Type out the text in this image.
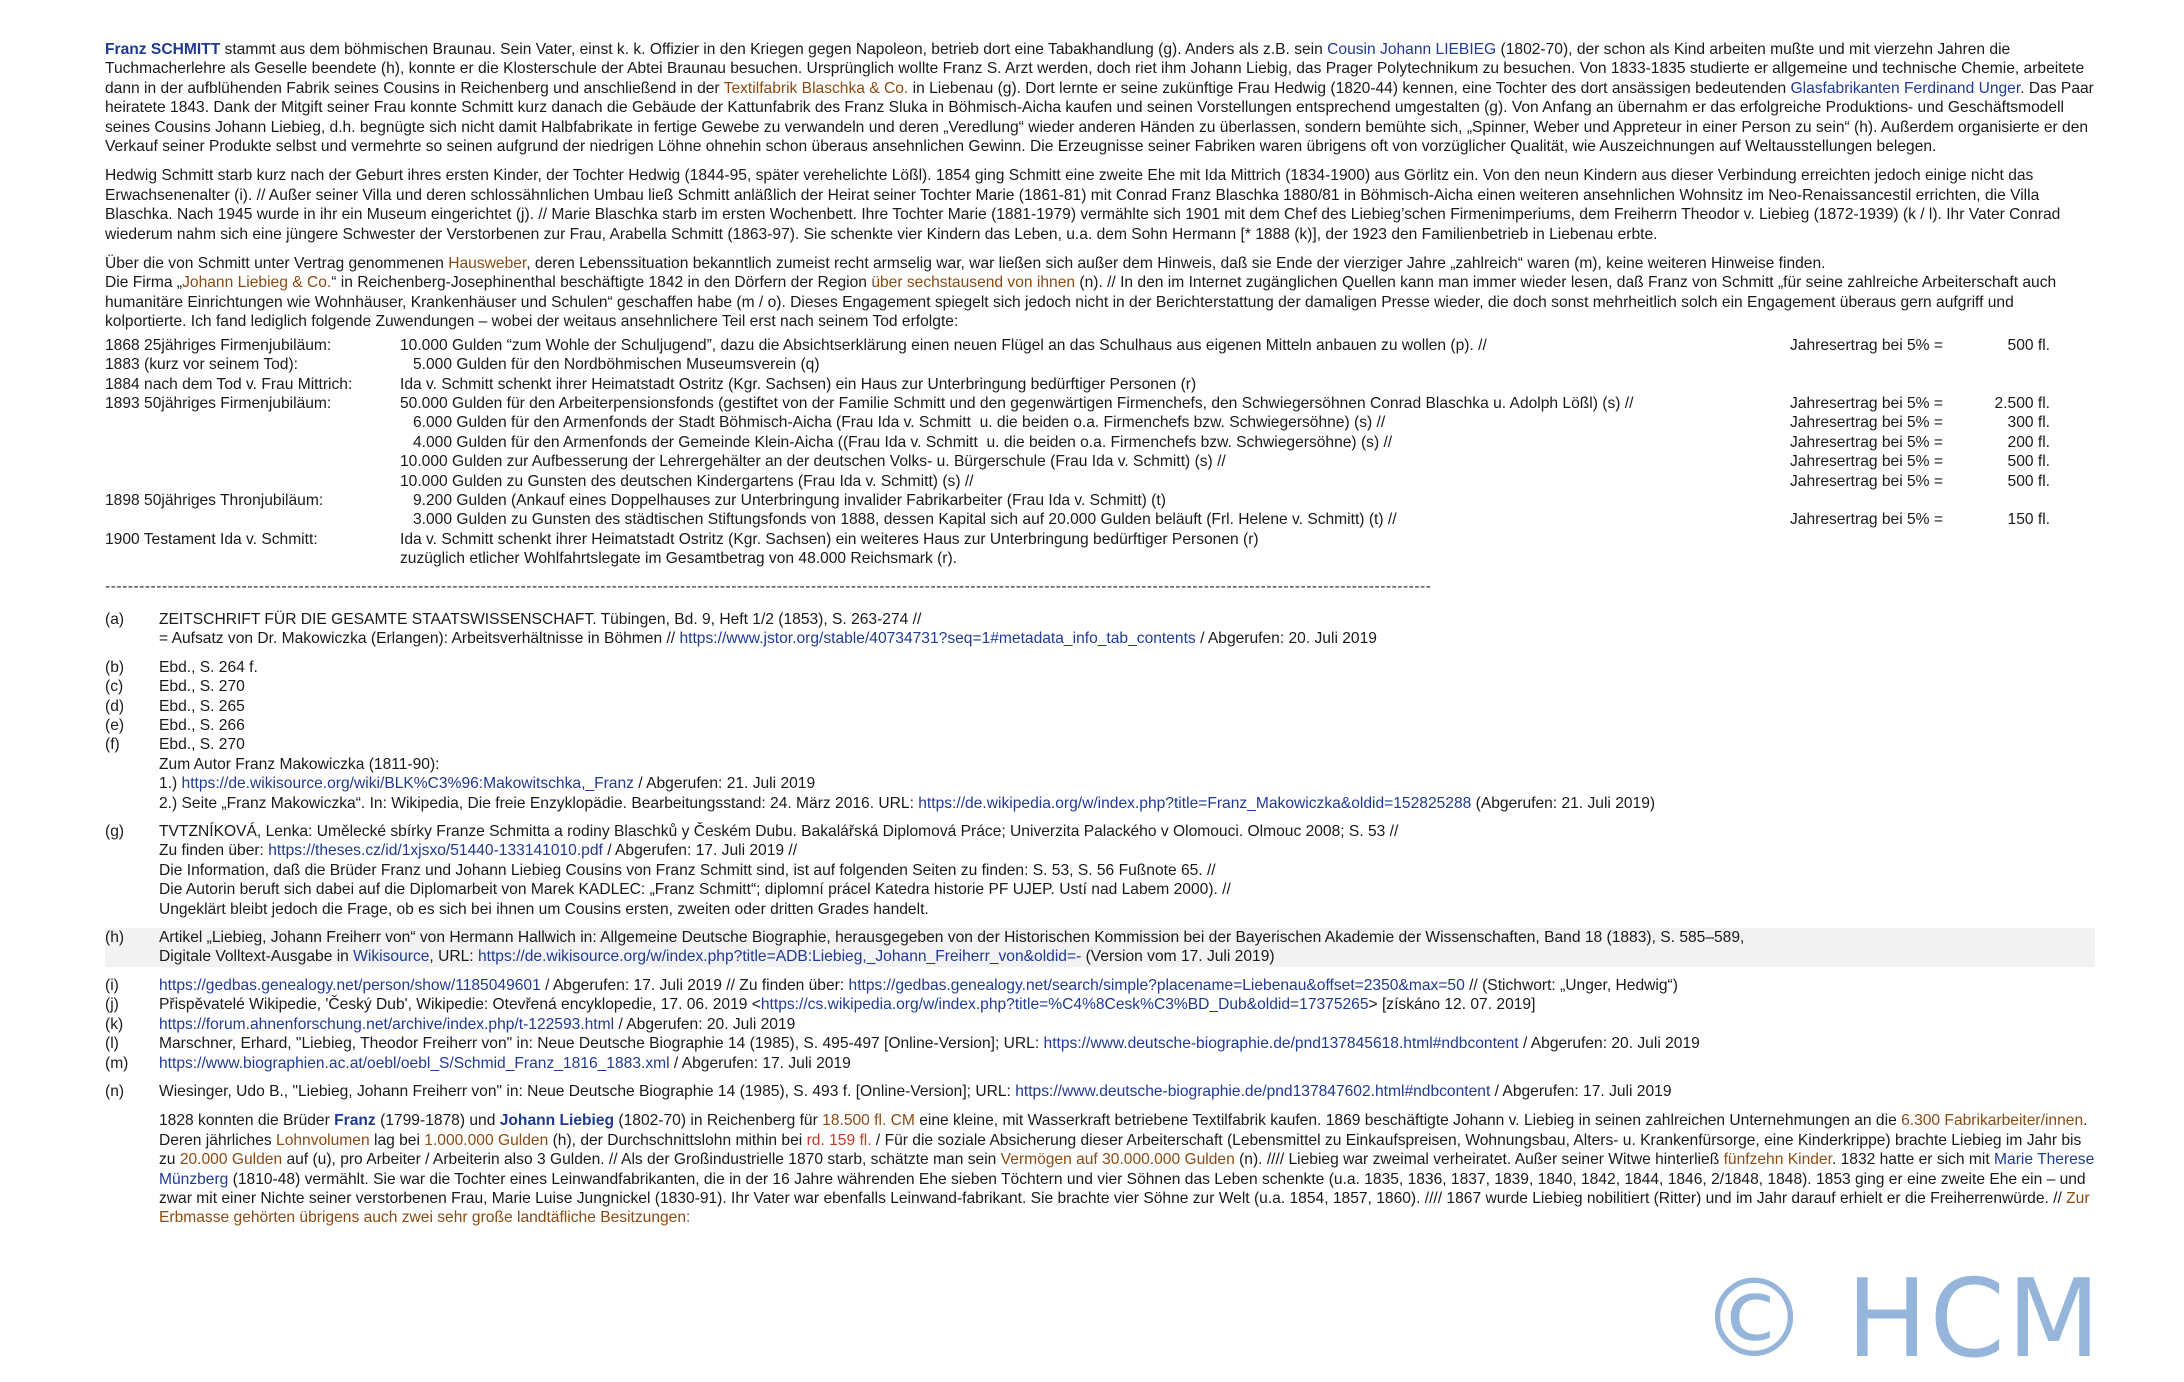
Franz SCHMITT stammt aus dem böhmischen Braunau. Sein Vater, einst k. k. Offizier in den Kriegen gegen Napoleon, betrieb dort eine Tabakhandlung (g). Anders als z.B. sein Cousin Johann LIEBIEG (1802-70), der schon als Kind arbeiten mußte und mit vierzehn Jahren die Tuchmacherlehre als Geselle beendete (h), konnte er die Klosterschule der Abtei Braunau besuchen. Ursprünglich wollte Franz S. Arzt werden, doch riet ihm Johann Liebig, das Prager Polytechnikum zu besuchen. Von 1833-1835 studierte er allgemeine und technische Chemie, arbeitete dann in der aufblühenden Fabrik seines Cousins in Reichenberg und anschließend in der Textilfabrik Blaschka & Co. in Liebenau (g). Dort lernte er seine zukünftige Frau Hedwig (1820-44) kennen, eine Tochter des dort ansässigen bedeutenden Glasfabrikanten Ferdinand Unger. Das Paar heiratete 1843. Dank der Mitgift seiner Frau konnte Schmitt kurz danach die Gebäude der Kattunfabrik des Franz Sluka in Böhmisch-Aicha kaufen und seinen Vorstellungen entsprechend umgestalten (g). Von Anfang an übernahm er das erfolgreiche Produktions- und Geschäftsmodell seines Cousins Johann Liebieg, d.h. begnügte sich nicht damit Halbfabrikate in fertige Gewebe zu verwandeln und deren „Veredlung“ wieder anderen Händen zu überlassen, sondern bemühte sich, „Spinner, Weber und Appreteur in einer Person zu sein“ (h). Außerdem organisierte er den Verkauf seiner Produkte selbst und vermehrte so seinen aufgrund der niedrigen Löhne ohnehin schon überaus ansehnlichen Gewinn. Die Erzeugnisse seiner Fabriken waren übrigens oft von vorzüglicher Qualität, wie Auszeichnungen auf Weltausstellungen belegen.

Hedwig Schmitt starb kurz nach der Geburt ihres ersten Kinder, der Tochter Hedwig (1844-95, später verehelichte Lößl). 1854 ging Schmitt eine zweite Ehe mit Ida Mittrich (1834-1900) aus Görlitz ein. Von den neun Kindern aus dieser Verbindung erreichten jedoch einige nicht das Erwachsenenalter (i). // Außer seiner Villa und deren schlossähnlichen Umbau ließ Schmitt anläßlich der Heirat seiner Tochter Marie (1861-81) mit Conrad Franz Blaschka 1880/81 in Böhmisch-Aicha einen weiteren ansehnlichen Wohnsitz im Neo-Renaissancestil errichten, die Villa Blaschka. Nach 1945 wurde in ihr ein Museum eingerichtet (j). // Marie Blaschka starb im ersten Wochenbett. Ihre Tochter Marie (1881-1979) vermählte sich 1901 mit dem Chef des Liebieg’schen Firmenimperiums, dem Freiherrn Theodor v. Liebieg (1872-1939) (k / l). Ihr Vater Conrad wiederum nahm sich eine jüngere Schwester der Verstorbenen zur Frau, Arabella Schmitt (1863-97). Sie schenkte vier Kindern das Leben, u.a. dem Sohn Hermann [* 1888 (k)], der 1923 den Familienbetrieb in Liebenau erbte.

Über die von Schmitt unter Vertrag genommenen Hausweber, deren Lebenssituation bekanntlich zumeist recht armselig war, war ließen sich außer dem Hinweis, daß sie Ende der vierziger Jahre „zahlreich“ waren (m), keine weiteren Hinweise finden.
Die Firma „Johann Liebieg & Co.“ in Reichenberg-Josephinenthal beschäftigte 1842 in den Dörfern der Region über sechstausend von ihnen (n). // In den im Internet zugänglichen Quellen kann man immer wieder lesen, daß Franz von Schmitt „für seine zahlreiche Arbeiterschaft auch humanitäre Einrichtungen wie Wohnhäuser, Krankenhäuser und Schulen“ geschaffen habe (m / o). Dieses Engagement spiegelt sich jedoch nicht in der Berichterstattung der damaligen Presse wieder, die doch sonst mehrheitlich solch ein Engagement überaus gern aufgriff und kolportierte. Ich fand lediglich folgende Zuwendungen – wobei der weitaus ansehnlichere Teil erst nach seinem Tod erfolgte:

1868 25jähriges Firmenjubiläum:	10.000 Gulden “zum Wohle der Schuljugend”, dazu die Absichtserklärung einen neuen Flügel an das Schulhaus aus eigenen Mitteln anbauen zu wollen (p). //	Jahresertrag bei 5% =	500 fl.
1883 (kurz vor seinem Tod):	5.000 Gulden für den Nordböhmischen Museumsverein (q)		
1884 nach dem Tod v. Frau Mittrich:	Ida v. Schmitt schenkt ihrer Heimatstadt Ostritz (Kgr. Sachsen) ein Haus zur Unterbringung bedürftiger Personen (r)		
1893 50jähriges Firmenjubiläum:	50.000 Gulden für den Arbeiterpensionsfonds (gestiftet von der Familie Schmitt und den gegenwärtigen Firmenchefs, den Schwiegersöhnen Conrad Blaschka u. Adolph Lößl) (s) //	Jahresertrag bei 5% =	2.500 fl.
	6.000 Gulden für den Armenfonds der Stadt Böhmisch-Aicha (Frau Ida v. Schmitt  u. die beiden o.a. Firmenchefs bzw. Schwiegersöhne) (s) //	Jahresertrag bei 5% =	300 fl.
	4.000 Gulden für den Armenfonds der Gemeinde Klein-Aicha ((Frau Ida v. Schmitt  u. die beiden o.a. Firmenchefs bzw. Schwiegersöhne) (s) //	Jahresertrag bei 5% =	200 fl.
	10.000 Gulden zur Aufbesserung der Lehrergehälter an der deutschen Volks- u. Bürgerschule (Frau Ida v. Schmitt) (s) //	Jahresertrag bei 5% =	500 fl.
	10.000 Gulden zu Gunsten des deutschen Kindergartens (Frau Ida v. Schmitt) (s) //	Jahresertrag bei 5% =	500 fl.
1898 50jähriges Thronjubiläum:	9.200 Gulden (Ankauf eines Doppelhauses zur Unterbringung invalider Fabrikarbeiter (Frau Ida v. Schmitt) (t)		
	3.000 Gulden zu Gunsten des städtischen Stiftungsfonds von 1888, dessen Kapital sich auf 20.000 Gulden beläuft (Frl. Helene v. Schmitt) (t) //	Jahresertrag bei 5% =	150 fl.
1900 Testament Ida v. Schmitt:	Ida v. Schmitt schenkt ihrer Heimatstadt Ostritz (Kgr. Sachsen) ein weiteres Haus zur Unterbringung bedürftiger Personen (r)		
	zuzüglich etlicher Wohlfahrtslegate im Gesamtbetrag von 48.000 Reichsmark (r).		
-----------------------------------------------------------------------------------------------------------------------------------------------------------------------------------------------------------------------------------------
(a)	ZEITSCHRIFT FÜR DIE GESAMTE STAATSWISSENSCHAFT. Tübingen, Bd. 9, Heft 1/2 (1853), S. 263-274 //
= Aufsatz von Dr. Makowiczka (Erlangen): Arbeitsverhältnisse in Böhmen // https://www.jstor.org/stable/40734731?seq=1#metadata_info_tab_contents / Abgerufen: 20. Juli 2019
(b)	Ebd., S. 264 f.
(c)	Ebd., S. 270
(d)	Ebd., S. 265
(e)	Ebd., S. 266
(f)	Ebd., S. 270
Zum Autor Franz Makowiczka (1811-90):
1.) https://de.wikisource.org/wiki/BLK%C3%96:Makowitschka,_Franz / Abgerufen: 21. Juli 2019
2.) Seite „Franz Makowiczka“. In: Wikipedia, Die freie Enzyklopädie. Bearbeitungsstand: 24. März 2016. URL: https://de.wikipedia.org/w/index.php?title=Franz_Makowiczka&oldid=152825288 (Abgerufen: 21. Juli 2019)
(g)	TVTZNÍKOVÁ, Lenka: Umělecké sbírky Franze Schmitta a rodiny Blaschků y Českém Dubu. Bakalářská Diplomová Práce; Univerzita Palackého v Olomouci. Olmouc 2008; S. 53 //
Zu finden über: https://theses.cz/id/1xjsxo/51440-133141010.pdf / Abgerufen: 17. Juli 2019 //
Die Information, daß die Brüder Franz und Johann Liebieg Cousins von Franz Schmitt sind, ist auf folgenden Seiten zu finden: S. 53, S. 56 Fußnote 65. //
Die Autorin beruft sich dabei auf die Diplomarbeit von Marek KADLEC: „Franz Schmitt“; diplomní prácel Katedra historie PF UJEP. Ustí nad Labem 2000). //
Ungeklärt bleibt jedoch die Frage, ob es sich bei ihnen um Cousins ersten, zweiten oder dritten Grades handelt.
(h)	Artikel „Liebieg, Johann Freiherr von“ von Hermann Hallwich in: Allgemeine Deutsche Biographie, herausgegeben von der Historischen Kommission bei der Bayerischen Akademie der Wissenschaften, Band 18 (1883), S. 585–589,
Digitale Volltext-Ausgabe in Wikisource, URL: https://de.wikisource.org/w/index.php?title=ADB:Liebieg,_Johann_Freiherr_von&oldid=- (Version vom 17. Juli 2019)
(i)	https://gedbas.genealogy.net/person/show/1185049601 / Abgerufen: 17. Juli 2019 // Zu finden über: https://gedbas.genealogy.net/search/simple?placename=Liebenau&offset=2350&max=50 // (Stichwort: „Unger, Hedwig“)
(j)	Přispěvatelé Wikipedie, 'Český Dub', Wikipedie: Otevřená encyklopedie, 17. 06. 2019 <https://cs.wikipedia.org/w/index.php?title=%C4%8Cesk%C3%BD_Dub&oldid=17375265> [získáno 12. 07. 2019]
(k)	https://forum.ahnenforschung.net/archive/index.php/t-122593.html / Abgerufen: 20. Juli 2019
(l)	Marschner, Erhard, "Liebieg, Theodor Freiherr von" in: Neue Deutsche Biographie 14 (1985), S. 495-497 [Online-Version]; URL: https://www.deutsche-biographie.de/pnd137845618.html#ndbcontent / Abgerufen: 20. Juli 2019
(m)	https://www.biographien.ac.at/oebl/oebl_S/Schmid_Franz_1816_1883.xml / Abgerufen: 17. Juli 2019
(n)	Wiesinger, Udo B., "Liebieg, Johann Freiherr von" in: Neue Deutsche Biographie 14 (1985), S. 493 f. [Online-Version]; URL: https://www.deutsche-biographie.de/pnd137847602.html#ndbcontent / Abgerufen: 17. Juli 2019
1828 konnten die Brüder Franz (1799-1878) und Johann Liebieg (1802-70) in Reichenberg für 18.500 fl. CM eine kleine, mit Wasserkraft betriebene Textilfabrik kaufen. 1869 beschäftigte Johann v. Liebieg in seinen zahlreichen Unternehmungen an die 6.300 Fabrikarbeiter/innen. Deren jährliches Lohnvolumen lag bei 1.000.000 Gulden (h), der Durchschnittslohn mithin bei rd. 159 fl. / Für die soziale Absicherung dieser Arbeiterschaft (Lebensmittel zu Einkaufspreisen, Wohnungsbau, Alters- u. Krankenfürsorge, eine Kinderkrippe) brachte Liebieg im Jahr bis zu 20.000 Gulden auf (u), pro Arbeiter / Arbeiterin also 3 Gulden. // Als der Großindustrielle 1870 starb, schätzte man sein Vermögen auf 30.000.000 Gulden (n). //// Liebieg war zweimal verheiratet. Außer seiner Witwe hinterließ fünfzehn Kinder. 1832 hatte er sich mit Marie Therese Münzberg (1810-48) vermählt. Sie war die Tochter eines Leinwandfabrikanten, die in der 16 Jahre währenden Ehe sieben Töchtern und vier Söhnen das Leben schenkte (u.a. 1835, 1836, 1837, 1839, 1840, 1842, 1844, 1846, 2/1848, 1848). 1853 ging er eine zweite Ehe ein – und zwar mit einer Nichte seiner verstorbenen Frau, Marie Luise Jungnickel (1830-91). Ihr Vater war ebenfalls Leinwand-fabrikant. Sie brachte vier Söhne zur Welt (u.a. 1854, 1857, 1860). //// 1867 wurde Liebieg nobilitiert (Ritter) und im Jahr darauf erhielt er die Freiherrenwürde. // Zur Erbmasse gehörten übrigens auch zwei sehr große landtäfliche Besitzungen:
© HCM
